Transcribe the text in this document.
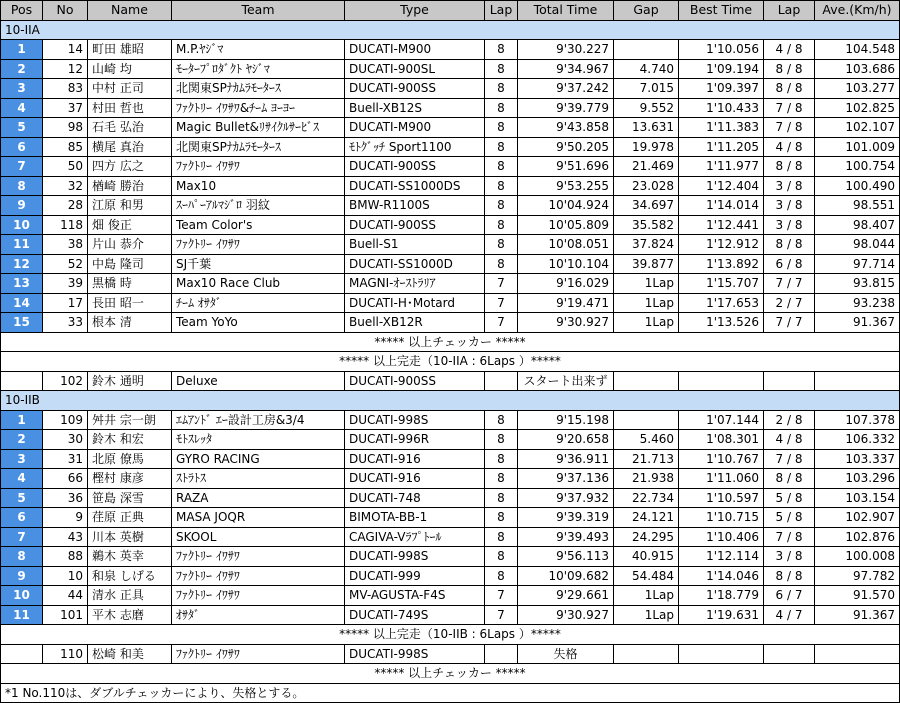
Pos	No	Name	Team	Type	Lap	Total Time	Gap	Best Time	Lap	Ave.(Km/h)
10-IIA										
1	14	町田 雄昭	M.P.ﾔｼﾞﾏ	DUCATI-M900	8	9'30.227		1'10.056	4 / 8	104.548
2	12	山崎 均	ﾓｰﾀｰﾌﾟﾛﾀﾞｸﾄ ﾔｼﾞﾏ	DUCATI-900SL	8	9'34.967	4.740	1'09.194	8 / 8	103.686
3	83	中村 正司	北関東SPﾅｶﾑﾗﾓｰﾀｰｽ	DUCATI-900SS	8	9'37.242	7.015	1'09.397	8 / 8	103.277
4	37	村田 哲也	ﾌｧｸﾄﾘｰ ｲﾜｻﾜ&ﾁｰﾑ ﾖｰﾖｰ	Buell-XB12S	8	9'39.779	9.552	1'10.433	7 / 8	102.825
5	98	石毛 弘治	Magic Bullet&ﾘｻｲｸﾙｻｰﾋﾞｽ	DUCATI-M900	8	9'43.858	13.631	1'11.383	7 / 8	102.107
6	85	横尾 真治	北関東SPﾅｶﾑﾗﾓｰﾀｰｽ	ﾓﾄｸﾞｯﾁ Sport1100	8	9'50.205	19.978	1'11.205	4 / 8	101.009
7	50	四方 広之	ﾌｧｸﾄﾘｰ ｲﾜｻﾜ	DUCATI-900SS	8	9'51.696	21.469	1'11.977	8 / 8	100.754
8	32	楢崎 勝治	Max10	DUCATI-SS1000DS	8	9'53.255	23.028	1'12.404	3 / 8	100.490
9	28	江原 和男	ｽｰﾊﾟｰｱﾙﾏｼﾞﾛ 羽紋	BMW-R1100S	8	10'04.924	34.697	1'14.014	3 / 8	98.551
10	118	畑 俊正	Team Color's	DUCATI-900SS	8	10'05.809	35.582	1'12.441	3 / 8	98.407
11	38	片山 恭介	ﾌｧｸﾄﾘｰ ｲﾜｻﾜ	Buell-S1	8	10'08.051	37.824	1'12.912	8 / 8	98.044
12	52	中島 隆司	SJ千葉	DUCATI-SS1000D	8	10'10.104	39.877	1'13.892	6 / 8	97.714
13	39	黒橋 時	Max10 Race Club	MAGNI-ｵｰｽﾄﾗﾘｱ	7	9'16.029	1Lap	1'15.707	7 / 7	93.815
14	17	長田 昭一	ﾁｰﾑ ｵｻﾀﾞ	DUCATI-H･Motard	7	9'19.471	1Lap	1'17.653	2 / 7	93.238
15	33	根本 清	Team YoYo	Buell-XB12R	7	9'30.927	1Lap	1'13.526	7 / 7	91.367
***** 以上チェッカー *****										
***** 以上完走（10-IIA : 6Laps ）*****										
	102	鈴木 通明	Deluxe	DUCATI-900SS		スタート出来ず				
10-IIB										
1	109	舛井 宗一朗	ｴﾑｱﾝﾄﾞ ｴｰ設計工房&3/4	DUCATI-998S	8	9'15.198		1'07.144	2 / 8	107.378
2	30	鈴木 和宏	ﾓﾄｽﾚｯﾀ	DUCATI-996R	8	9'20.658	5.460	1'08.301	4 / 8	106.332
3	31	北原 僚馬	GYRO RACING	DUCATI-916	8	9'36.911	21.713	1'10.767	7 / 8	103.337
4	66	樫村 康彦	ｽﾄﾗﾄｽ	DUCATI-916	8	9'37.136	21.938	1'11.060	8 / 8	103.296
5	36	笹島 深雪	RAZA	DUCATI-748	8	9'37.932	22.734	1'10.597	5 / 8	103.154
6	9	荏原 正典	MASA JOQR	BIMOTA-BB-1	8	9'39.319	24.121	1'10.715	5 / 8	102.907
7	43	川本 英樹	SKOOL	CAGIVA-Vﾗﾌﾟﾄｰﾙ	8	9'39.493	24.295	1'10.406	7 / 8	102.876
8	88	鵜木 英幸	ﾌｧｸﾄﾘｰ ｲﾜｻﾜ	DUCATI-998S	8	9'56.113	40.915	1'12.114	3 / 8	100.008
9	10	和泉 しげる	ﾌｧｸﾄﾘｰ ｲﾜｻﾜ	DUCATI-999	8	10'09.682	54.484	1'14.046	8 / 8	97.782
10	44	清水 正具	ﾌｧｸﾄﾘｰ ｲﾜｻﾜ	MV-AGUSTA-F4S	7	9'29.661	1Lap	1'18.779	6 / 7	91.570
11	101	平木 志磨	ｵｻﾀﾞ	DUCATI-749S	7	9'30.927	1Lap	1'19.631	4 / 7	91.367
***** 以上完走（10-IIB : 6Laps ）*****										
	110	松崎 和美	ﾌｧｸﾄﾘｰ ｲﾜｻﾜ	DUCATI-998S		失格				
***** 以上チェッカー *****										
*1 No.110は、ダブルチェッカーにより、失格とする。										
